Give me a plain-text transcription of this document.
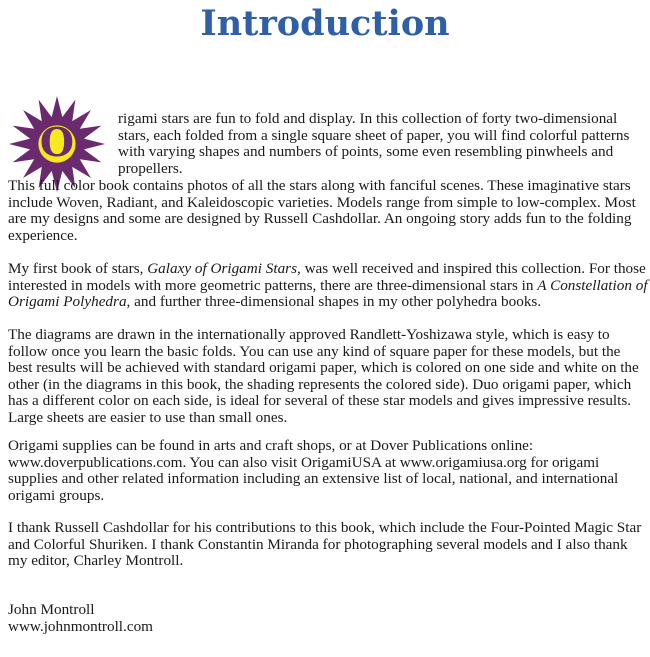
Introduction
O

rigami stars are fun to fold and display. In this collection of forty two-dimensional stars, each folded from a single square sheet of paper, you will find colorful patterns with varying shapes and numbers of points, some even resembling pinwheels and propellers.

This full color book contains photos of all the stars along with fanciful scenes. These imaginative stars include Woven, Radiant, and Kaleidoscopic varieties. Models range from simple to low-complex. Most are my designs and some are designed by Russell Cashdollar. An ongoing story adds fun to the folding experience.

My first book of stars, Galaxy of Origami Stars, was well received and inspired this collection. For those interested in models with more geometric patterns, there are three-dimensional stars in A Constellation of Origami Polyhedra, and further three-dimensional shapes in my other polyhedra books.

The diagrams are drawn in the internationally approved Randlett-Yoshizawa style, which is easy to follow once you learn the basic folds. You can use any kind of square paper for these models, but the best results will be achieved with standard origami paper, which is colored on one side and white on the other (in the diagrams in this book, the shading represents the colored side). Duo origami paper, which has a different color on each side, is ideal for several of these star models and gives impressive results. Large sheets are easier to use than small ones.

Origami supplies can be found in arts and craft shops, or at Dover Publications online: www.doverpublications.com. You can also visit OrigamiUSA at www.origamiusa.org for origami supplies and other related information including an extensive list of local, national, and international origami groups.

I thank Russell Cashdollar for his contributions to this book, which include the Four-Pointed Magic Star and Colorful Shuriken. I thank Constantin Miranda for photographing several models and I also thank my editor, Charley Montroll.

John Montroll

www.johnmontroll.com
